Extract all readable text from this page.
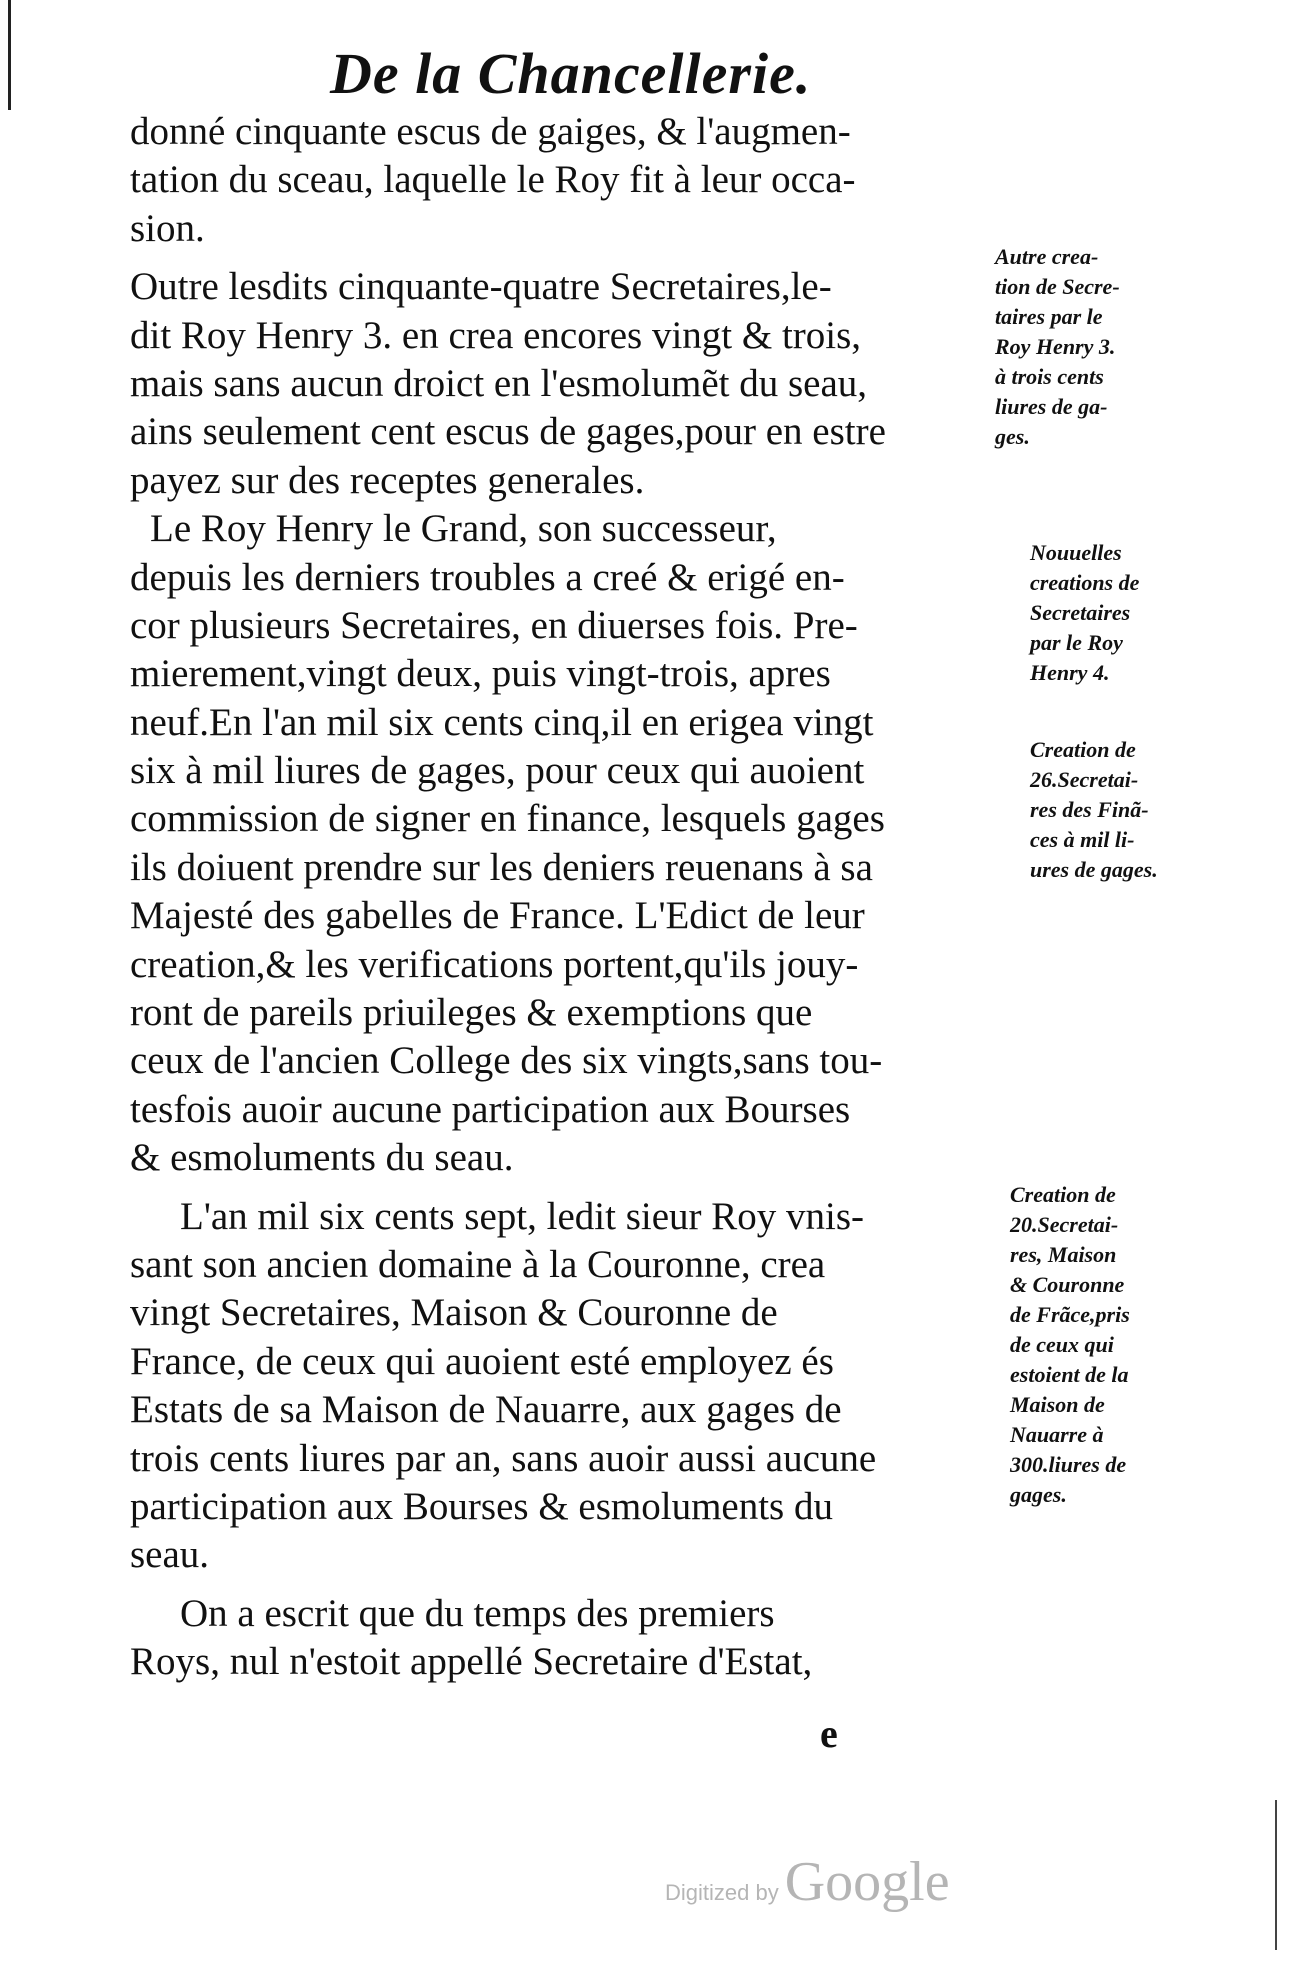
De la Chancellerie.
donné cinquante escus de gaiges, & l'augmen-
tation du sceau, laquelle le Roy fit à leur occa-
sion.
Outre lesdits cinquante-quatre Secretaires,le-
dit Roy Henry 3. en crea encores vingt & trois,
mais sans aucun droict en l'esmolumẽt du seau,
ains seulement cent escus de gages,pour en estre
payez sur des receptes generales.
Le Roy Henry le Grand, son successeur,
depuis les derniers troubles a creé & erigé en-
cor plusieurs Secretaires, en diuerses fois. Pre-
mierement,vingt deux, puis vingt-trois, apres
neuf.En l'an mil six cents cinq,il en erigea vingt
six à mil liures de gages, pour ceux qui auoient
commission de signer en finance, lesquels gages
ils doiuent prendre sur les deniers reuenans à sa
Majesté des gabelles de France. L'Edict de leur
creation,& les verifications portent,qu'ils jouy-
ront de pareils priuileges & exemptions que
ceux de l'ancien College des six vingts,sans tou-
tesfois auoir aucune participation aux Bourses
& esmoluments du seau.
L'an mil six cents sept, ledit sieur Roy vnis-
sant son ancien domaine à la Couronne, crea
vingt Secretaires, Maison & Couronne de
France, de ceux qui auoient esté employez és
Estats de sa Maison de Nauarre, aux gages de
trois cents liures par an, sans auoir aussi aucune
participation aux Bourses & esmoluments du
seau.
On a escrit que du temps des premiers
Roys, nul n'estoit appellé Secretaire d'Estat,
Autre crea-
tion de Secre-
taires par le
Roy Henry 3.
à trois cents
liures de ga-
ges.
Nouuelles
creations de
Secretaires
par le Roy
Henry 4.
Creation de
26.Secretai-
res des Finã-
ces à mil li-
ures de gages.
Creation de
20.Secretai-
res, Maison
& Couronne
de Frãce,pris
de ceux qui
estoient de la
Maison de
Nauarre à
300.liures de
gages.
e
Digitized by Google
